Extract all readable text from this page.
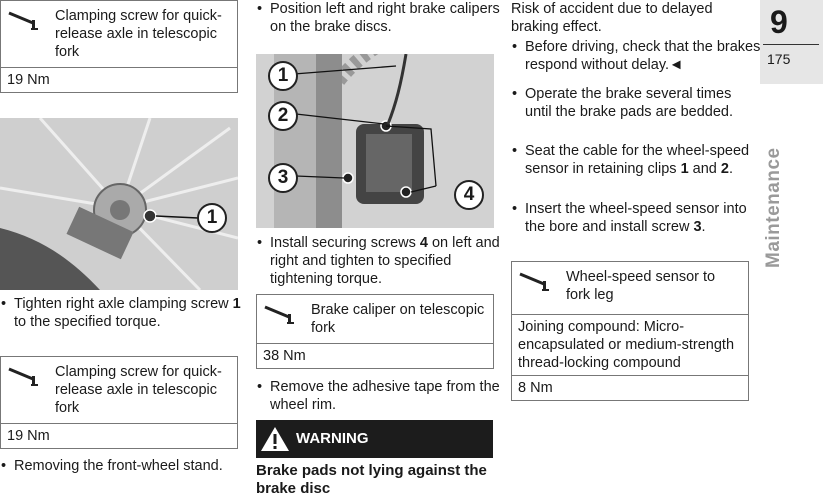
Clamping screw for quick-release axle in telescopic fork
19 Nm
1
• Tighten right axle clamping screw 1 to the specified torque.
Clamping screw for quick-release axle in telescopic fork
19 Nm
• Removing the front-wheel stand.
• Position left and right brake calipers on the brake discs.
1
2
3
4
• Install securing screws 4 on left and right and tighten to specified tightening torque.
Brake caliper on telescopic fork
38 Nm
• Remove the adhesive tape from the wheel rim.
WARNING
Brake pads not lying against the brake disc
Risk of accident due to delayed braking effect.
• Before driving, check that the brakes respond without delay.◄
• Operate the brake several times until the brake pads are bedded.
• Seat the cable for the wheel-speed sensor in retaining clips 1 and 2.
• Insert the wheel-speed sensor into the bore and install screw 3.
Wheel-speed sensor to fork leg
Joining compound: Micro-encapsulated or medium-strength thread-locking compound
8 Nm
9
175
Maintenance
